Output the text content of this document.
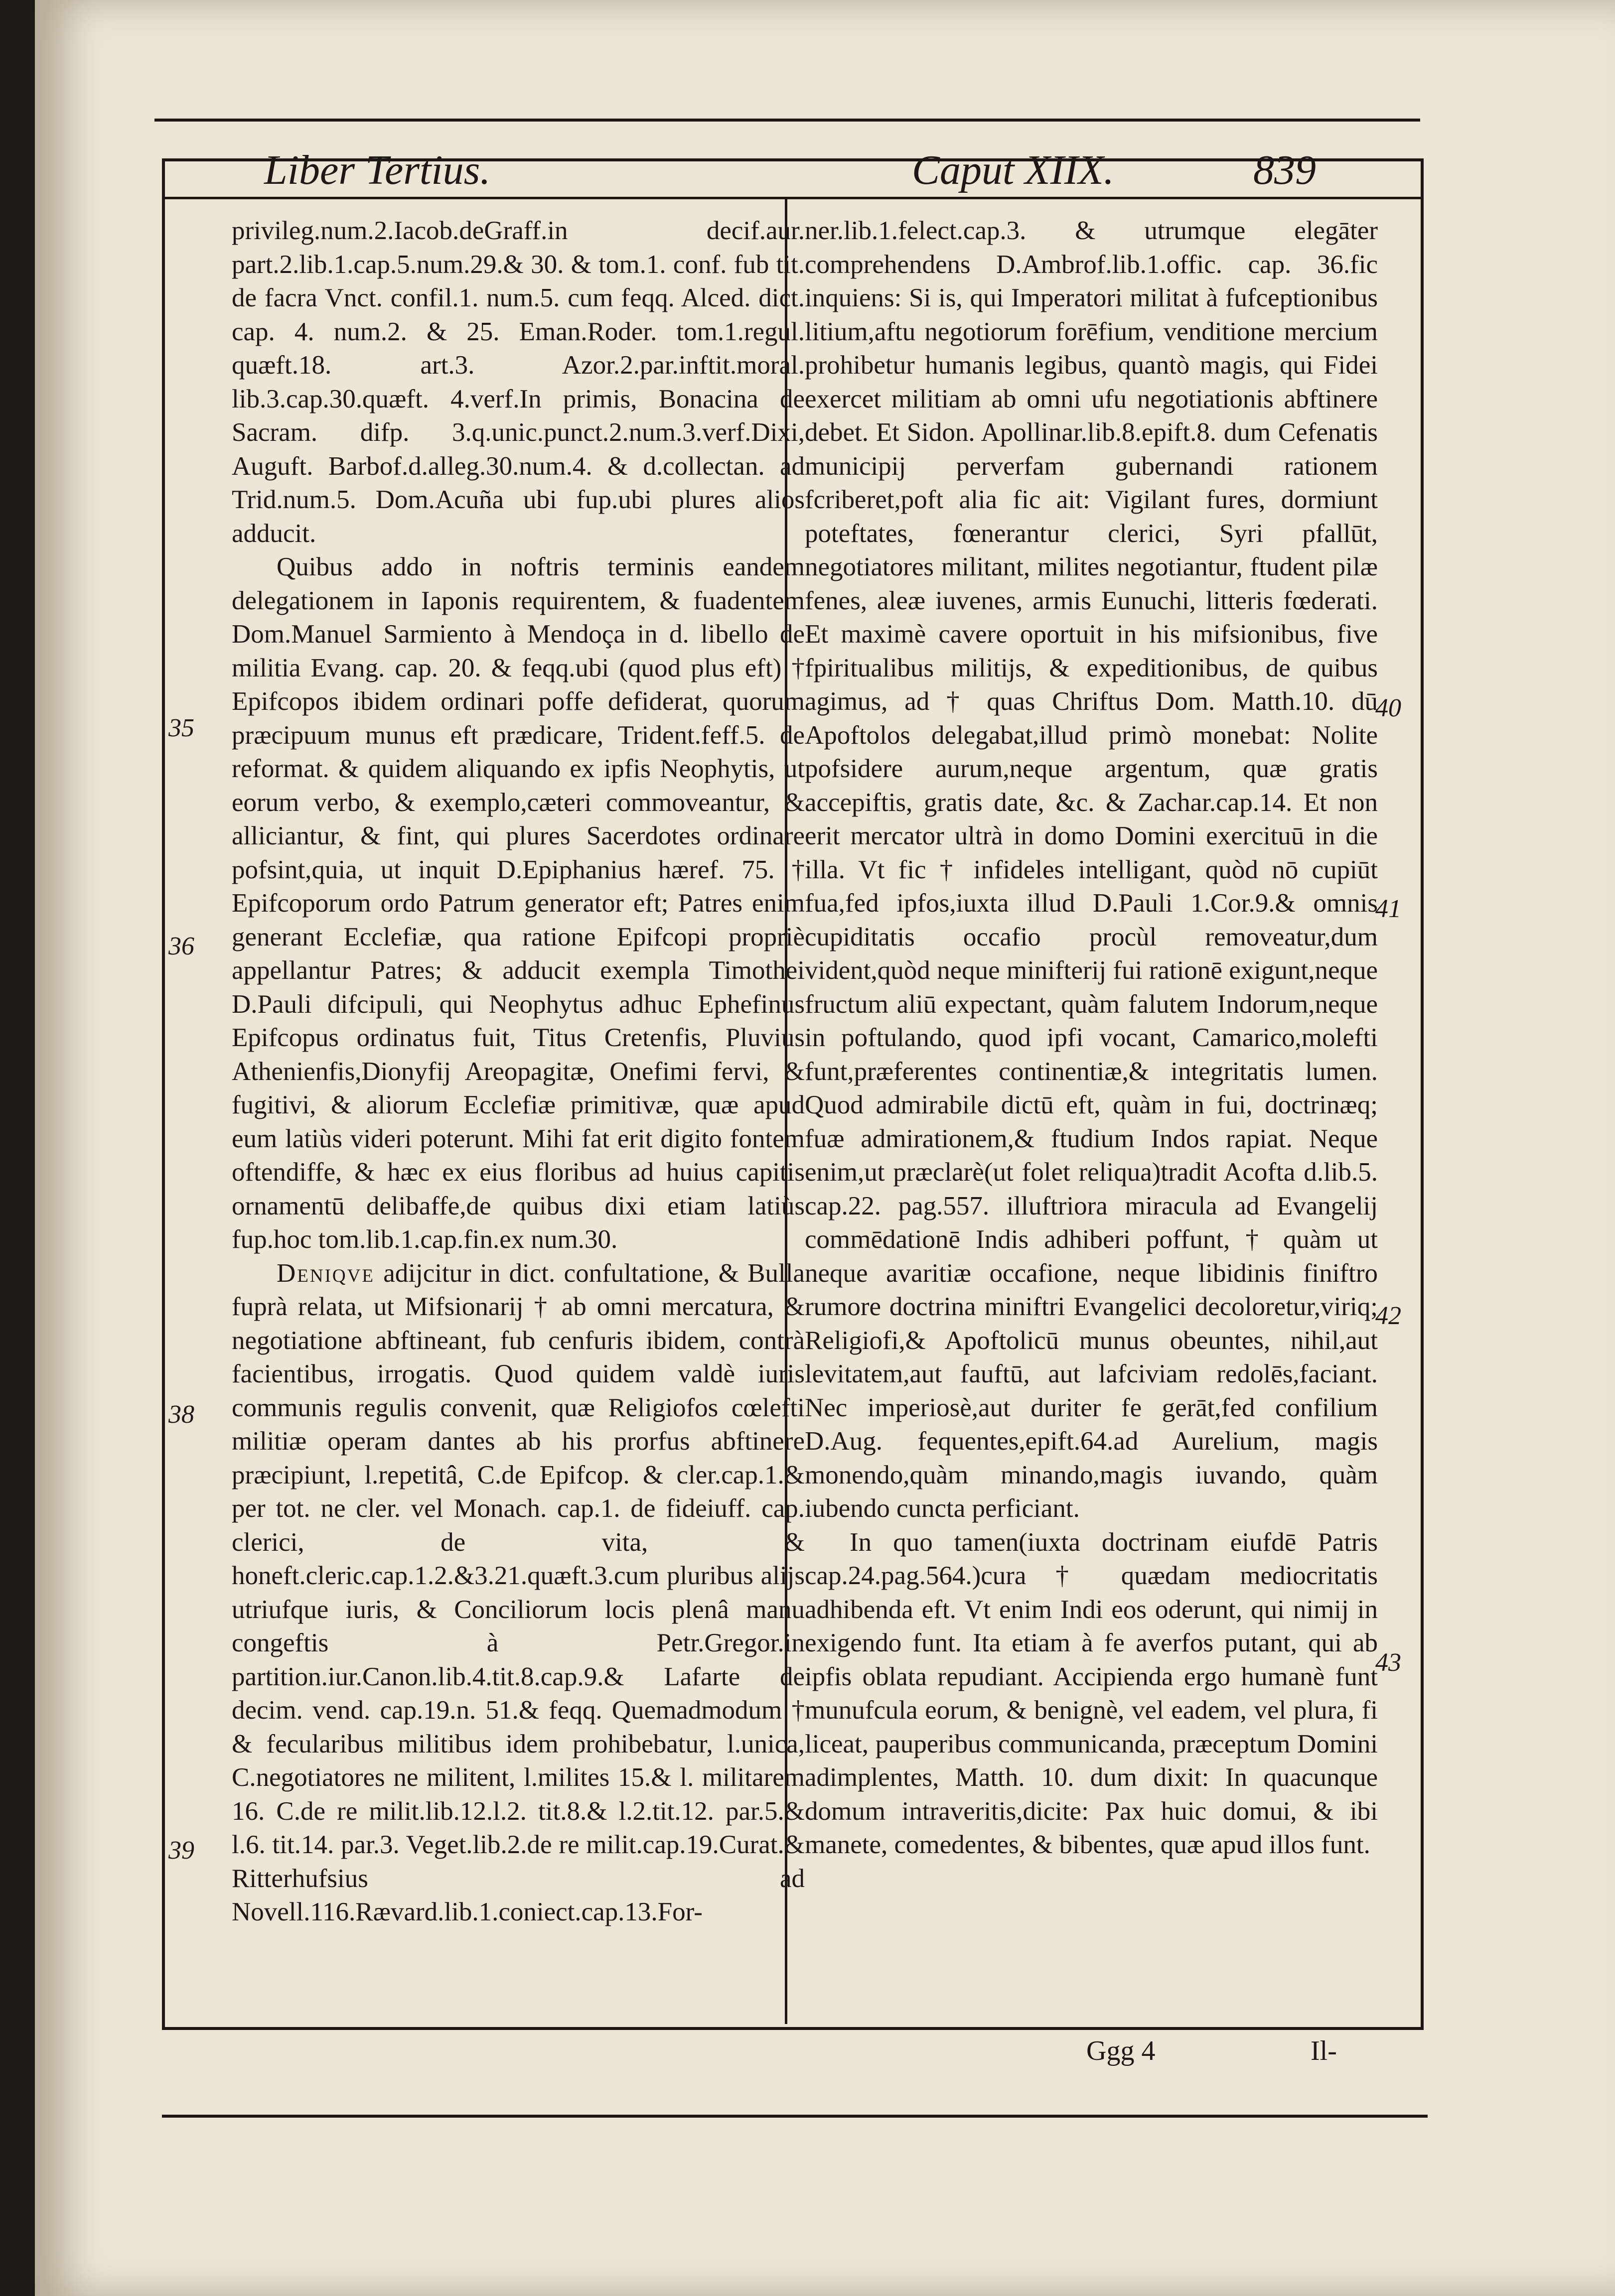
Liber Tertius.	Caput XIIX.	839
35
36
38
39
40
41
42
43

privileg.num.2.Iacob.deGraff.in decif.aur. part.2.lib.1.cap.5.num.29.& 30. & tom.1. conf. fub tit. de facra Vnct. confil.1. num.5. cum feqq. Alced. dict. cap. 4. num.2. & 25. Eman.Roder. tom.1.regul. quæft.18. art.3. Azor.2.par.inftit.moral. lib.3.cap.30.quæft. 4.verf.In primis, Bonacina de Sacram. difp. 3.q.unic.punct.2.num.3.verf.Dixi, Auguft. Barbof.d.alleg.30.num.4. & d.collectan. ad Trid.num.5. Dom.Acuña ubi fup.ubi plures alios adducit.

Quibus addo in noftris terminis eandem delegationem in Iaponis requirentem, & fuadentem Dom.Manuel Sarmiento à Mendoça in d. libello de militia Evang. cap. 20. & feqq.ubi (quod plus eft) † Epifcopos ibidem ordinari poffe defiderat, quorum præcipuum munus eft prædicare, Trident.feff.5. de reformat. & quidem aliquando ex ipfis Neophytis, ut eorum verbo, & exemplo,cæteri commoveantur, & alliciantur, & fint, qui plures Sacerdotes ordinare pofsint,quia, ut inquit D.Epiphanius hæref. 75. † Epifcoporum ordo Patrum generator eft; Patres enim generant Ecclefiæ, qua ratione Epifcopi propriè appellantur Patres; & adducit exempla Timothei D.Pauli difcipuli, qui Neophytus adhuc Ephefinus Epifcopus ordinatus fuit, Titus Cretenfis, Pluvius Athenienfis,Dionyfij Areopagitæ, Onefimi fervi, & fugitivi, & aliorum Ecclefiæ primitivæ, quæ apud eum latiùs videri poterunt. Mihi fat erit digito fontem oftendiffe, & hæc ex eius floribus ad huius capitis ornamentū delibaffe,de quibus dixi etiam latiùs fup.hoc tom.lib.1.cap.fin.ex num.30.

Deniqve adijcitur in dict. confultatione, & Bulla fuprà relata, ut Mifsionarij † ab omni mercatura, & negotiatione abftineant, fub cenfuris ibidem, contrà facientibus, irrogatis. Quod quidem valdè iuris communis regulis convenit, quæ Religiofos cœlefti militiæ operam dantes ab his prorfus abftinere præcipiunt, l.repetitâ, C.de Epifcop. & cler.cap.1.& per tot. ne cler. vel Monach. cap.1. de fideiuff. cap. clerici, de vita, & honeft.cleric.cap.1.2.&3.21.quæft.3.cum pluribus alijs utriufque iuris, & Conciliorum locis plenâ manu congeftis à Petr.Gregor.in partition.iur.Canon.lib.4.tit.8.cap.9.& Lafarte de decim. vend. cap.19.n. 51.& feqq. Quemadmodum † & fecularibus militibus idem prohibebatur, l.unica, C.negotiatores ne militent, l.milites 15.& l. militarem 16. C.de re milit.lib.12.l.2. tit.8.& l.2.tit.12. par.5.& l.6. tit.14. par.3. Veget.lib.2.de re milit.cap.19.Curat.& Ritterhufsius ad Novell.116.Rævard.lib.1.coniect.cap.13.For-

ner.lib.1.felect.cap.3. & utrumque elegāter comprehendens D.Ambrof.lib.1.offic. cap. 36.fic inquiens: Si is, qui Imperatori militat à fufceptionibus litium,aftu negotiorum forēfium, venditione mercium prohibetur humanis legibus, quantò magis, qui Fidei exercet militiam ab omni ufu negotiationis abftinere debet. Et Sidon. Apollinar.lib.8.epift.8. dum Cefenatis municipij perverfam gubernandi rationem fcriberet,poft alia fic ait: Vigilant fures, dormiunt poteftates, fœnerantur clerici, Syri pfallūt, negotiatores militant, milites negotiantur, ftudent pilæ fenes, aleæ iuvenes, armis Eunuchi, litteris fœderati. Et maximè cavere oportuit in his mifsionibus, five fpiritualibus militijs, & expeditionibus, de quibus agimus, ad † quas Chriftus Dom. Matth.10. dū Apoftolos delegabat,illud primò monebat: Nolite pofsidere aurum,neque argentum, quæ gratis accepiftis, gratis date, &c. & Zachar.cap.14. Et non erit mercator ultrà in domo Domini exercituū in die illa. Vt fic † infideles intelligant, quòd nō cupiūt fua,fed ipfos,iuxta illud D.Pauli 1.Cor.9.& omnis cupiditatis occafio procùl removeatur,dum vident,quòd neque minifterij fui rationē exigunt,neque fructum aliū expectant, quàm falutem Indorum,neque in poftulando, quod ipfi vocant, Camarico,molefti funt,præferentes continentiæ,& integritatis lumen. Quod admirabile dictū eft, quàm in fui, doctrinæq; fuæ admirationem,& ftudium Indos rapiat. Neque enim,ut præclarè(ut folet reliqua)tradit Acofta d.lib.5. cap.22. pag.557. illuftriora miracula ad Evangelij commēdationē Indis adhiberi poffunt, † quàm ut neque avaritiæ occafione, neque libidinis finiftro rumore doctrina miniftri Evangelici decoloretur,viriq; Religiofi,& Apoftolicū munus obeuntes, nihil,aut levitatem,aut fauftū, aut lafciviam redolēs,faciant. Nec imperiosè,aut duriter fe gerāt,fed confilium D.Aug. fequentes,epift.64.ad Aurelium, magis monendo,quàm minando,magis iuvando, quàm iubendo cuncta perficiant.

In quo tamen(iuxta doctrinam eiufdē Patris cap.24.pag.564.)cura † quædam mediocritatis adhibenda eft. Vt enim Indi eos oderunt, qui nimij in exigendo funt. Ita etiam à fe averfos putant, qui ab ipfis oblata repudiant. Accipienda ergo humanè funt munufcula eorum, & benignè, vel eadem, vel plura, fi liceat, pauperibus communicanda, præceptum Domini adimplentes, Matth. 10. dum dixit: In quacunque domum intraveritis,dicite: Pax huic domui, & ibi manete, comedentes, & bibentes, quæ apud illos funt.

Ggg 4	Il-
